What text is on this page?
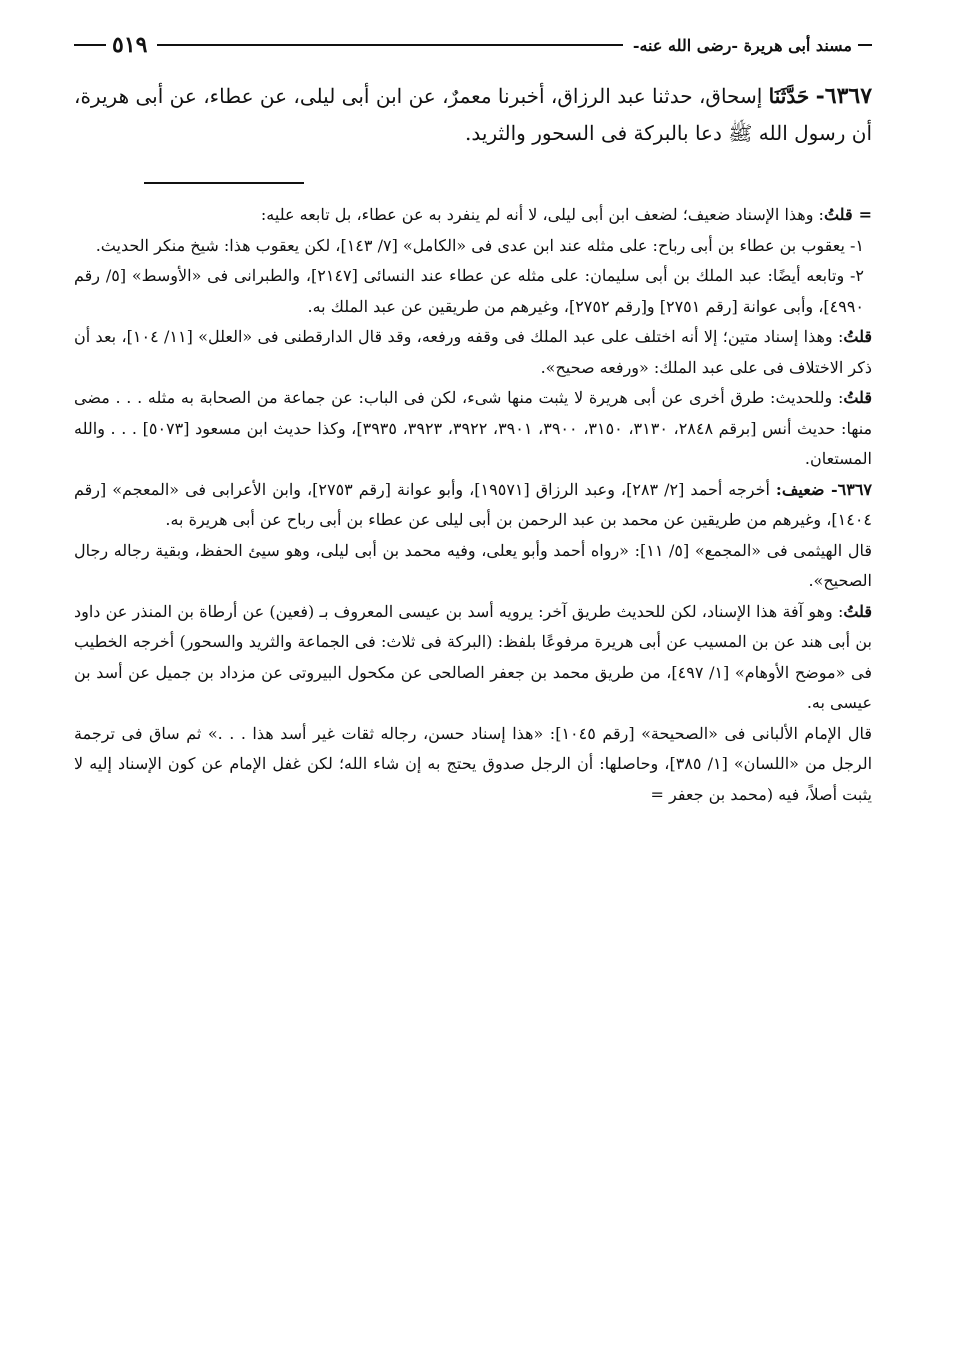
مسند أبى هريرة -رضى الله عنه-
٥١٩
٦٣٦٧- حَدَّثَنَا إسحاق، حدثنا عبد الرزاق، أخبرنا معمرٌ، عن ابن أبى ليلى، عن عطاء، عن أبى هريرة، أن رسول الله ﷺ دعا بالبركة فى السحور والثريد.

=قلتُ: وهذا الإسناد ضعيف؛ لضعف ابن أبى ليلى، لا أنه لم ينفرد به عن عطاء، بل تابعه عليه:

١- يعقوب بن عطاء بن أبى رباح: على مثله عند ابن عدى فى «الكامل» [٧/ ١٤٣]، لكن يعقوب هذا: شيخ منكر الحديث.

٢- وتابعه أيضًا: عبد الملك بن أبى سليمان: على مثله عن عطاء عند النسائى [٢١٤٧]، والطبرانى فى «الأوسط» [٥/ رقم ٤٩٩٠]، وأبى عوانة [رقم ٢٧٥١] و[رقم ٢٧٥٢]، وغيرهم من طريقين عن عبد الملك به.

قلتُ: وهذا إسناد متين؛ إلا أنه اختلف على عبد الملك فى وقفه ورفعه، وقد قال الدارقطنى فى «العلل» [١١/ ١٠٤]، بعد أن ذكر الاختلاف فى على عبد الملك: «ورفعه صحيح».

قلتُ: وللحديث: طرق أخرى عن أبى هريرة لا يثبت منها شىء، لكن فى الباب: عن جماعة من الصحابة به مثله . . . مضى منها: حديث أنس [برقم ٢٨٤٨، ٣١٣٠، ٣١٥٠، ٣٩٠٠، ٣٩٠١، ٣٩٢٢، ٣٩٢٣، ٣٩٣٥]، وكذا حديث ابن مسعود [٥٠٧٣] . . . والله المستعان.

٦٣٦٧- ضعيف: أخرجه أحمد [٢/ ٢٨٣]، وعبد الرزاق [١٩٥٧١]، وأبو عوانة [رقم ٢٧٥٣]، وابن الأعرابى فى «المعجم» [رقم ١٤٠٤]، وغيرهم من طريقين عن محمد بن عبد الرحمن بن أبى ليلى عن عطاء بن أبى رباح عن أبى هريرة به.

قال الهيثمى فى «المجمع» [٥/ ١١]: «رواه أحمد وأبو يعلى، وفيه محمد بن أبى ليلى، وهو سيئ الحفظ، وبقية رجاله رجال الصحيح».

قلتُ: وهو آفة هذا الإسناد، لكن للحديث طريق آخر: يرويه أسد بن عيسى المعروف بـ (فعين) عن أرطاة بن المنذر عن داود بن أبى هند عن بن المسيب عن أبى هريرة مرفوعًا بلفظ: (البركة فى ثلاث: فى الجماعة والثريد والسحور) أخرجه الخطيب فى «موضح الأوهام» [١/ ٤٩٧]، من طريق محمد بن جعفر الصالحى عن مكحول البيروتى عن مزداد بن جميل عن أسد بن عيسى به.

قال الإمام الألبانى فى «الصحيحة» [رقم ١٠٤٥]: «هذا إسناد حسن، رجاله ثقات غير أسد هذا . . .» ثم ساق فى ترجمة الرجل من «اللسان» [١/ ٣٨٥]، وحاصلها: أن الرجل صدوق يحتج به إن شاء الله؛ لكن غفل الإمام عن كون الإسناد إليه لا يثبت أصلاً، فيه (محمد بن جعفر =
